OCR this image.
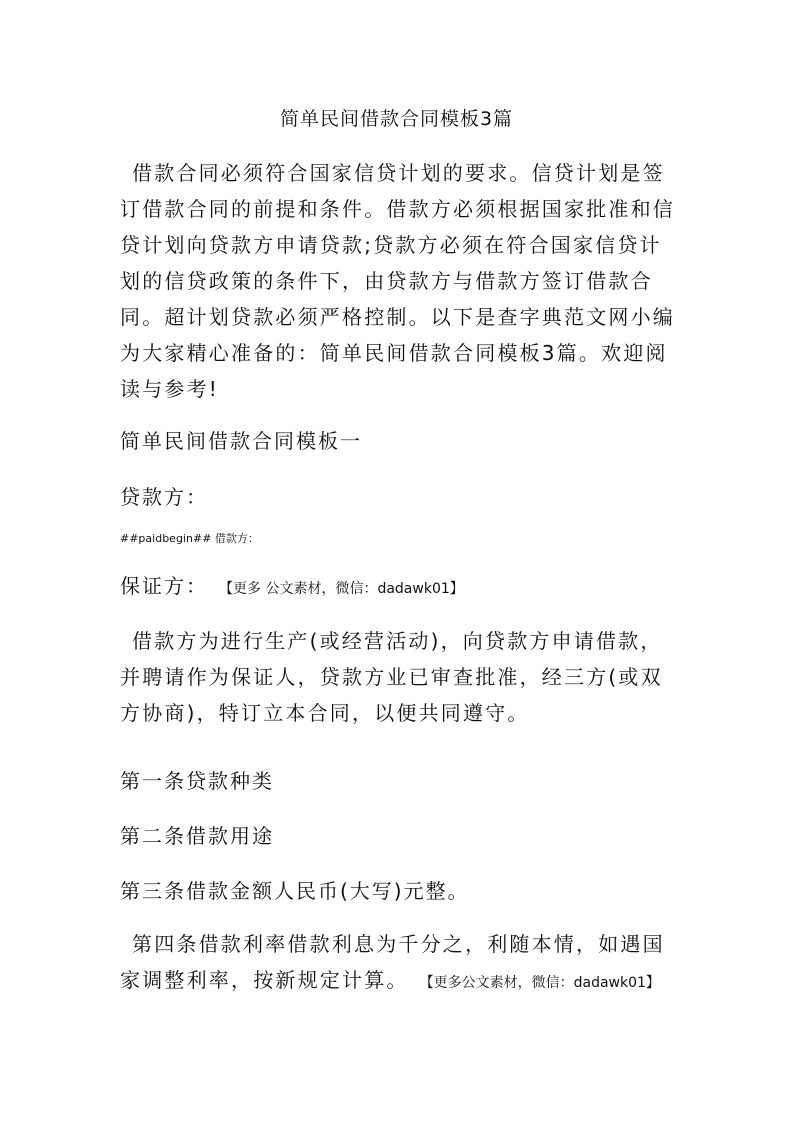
简单民间借款合同模板3篇

借款合同必须符合国家信贷计划的要求。信贷计划是签订借款合同的前提和条件。借款方必须根据国家批准和信贷计划向贷款方申请贷款;贷款方必须在符合国家信贷计划的信贷政策的条件下，由贷款方与借款方签订借款合同。超计划贷款必须严格控制。以下是查字典范文网小编为大家精心准备的：简单民间借款合同模板3篇。欢迎阅读与参考!

简单民间借款合同模板一
贷款方：
##paidbegin## 借款方：
保证方： 【更多 公文素材，微信：dadawk01】

借款方为进行生产(或经营活动)，向贷款方申请借款，并聘请作为保证人，贷款方业已审查批准，经三方(或双方协商)，特订立本合同，以便共同遵守。

第一条贷款种类
第二条借款用途
第三条借款金额人民币(大写)元整。

第四条借款利率借款利息为千分之，利随本情，如遇国家调整利率，按新规定计算。 【更多公文素材，微信：dadawk01】
